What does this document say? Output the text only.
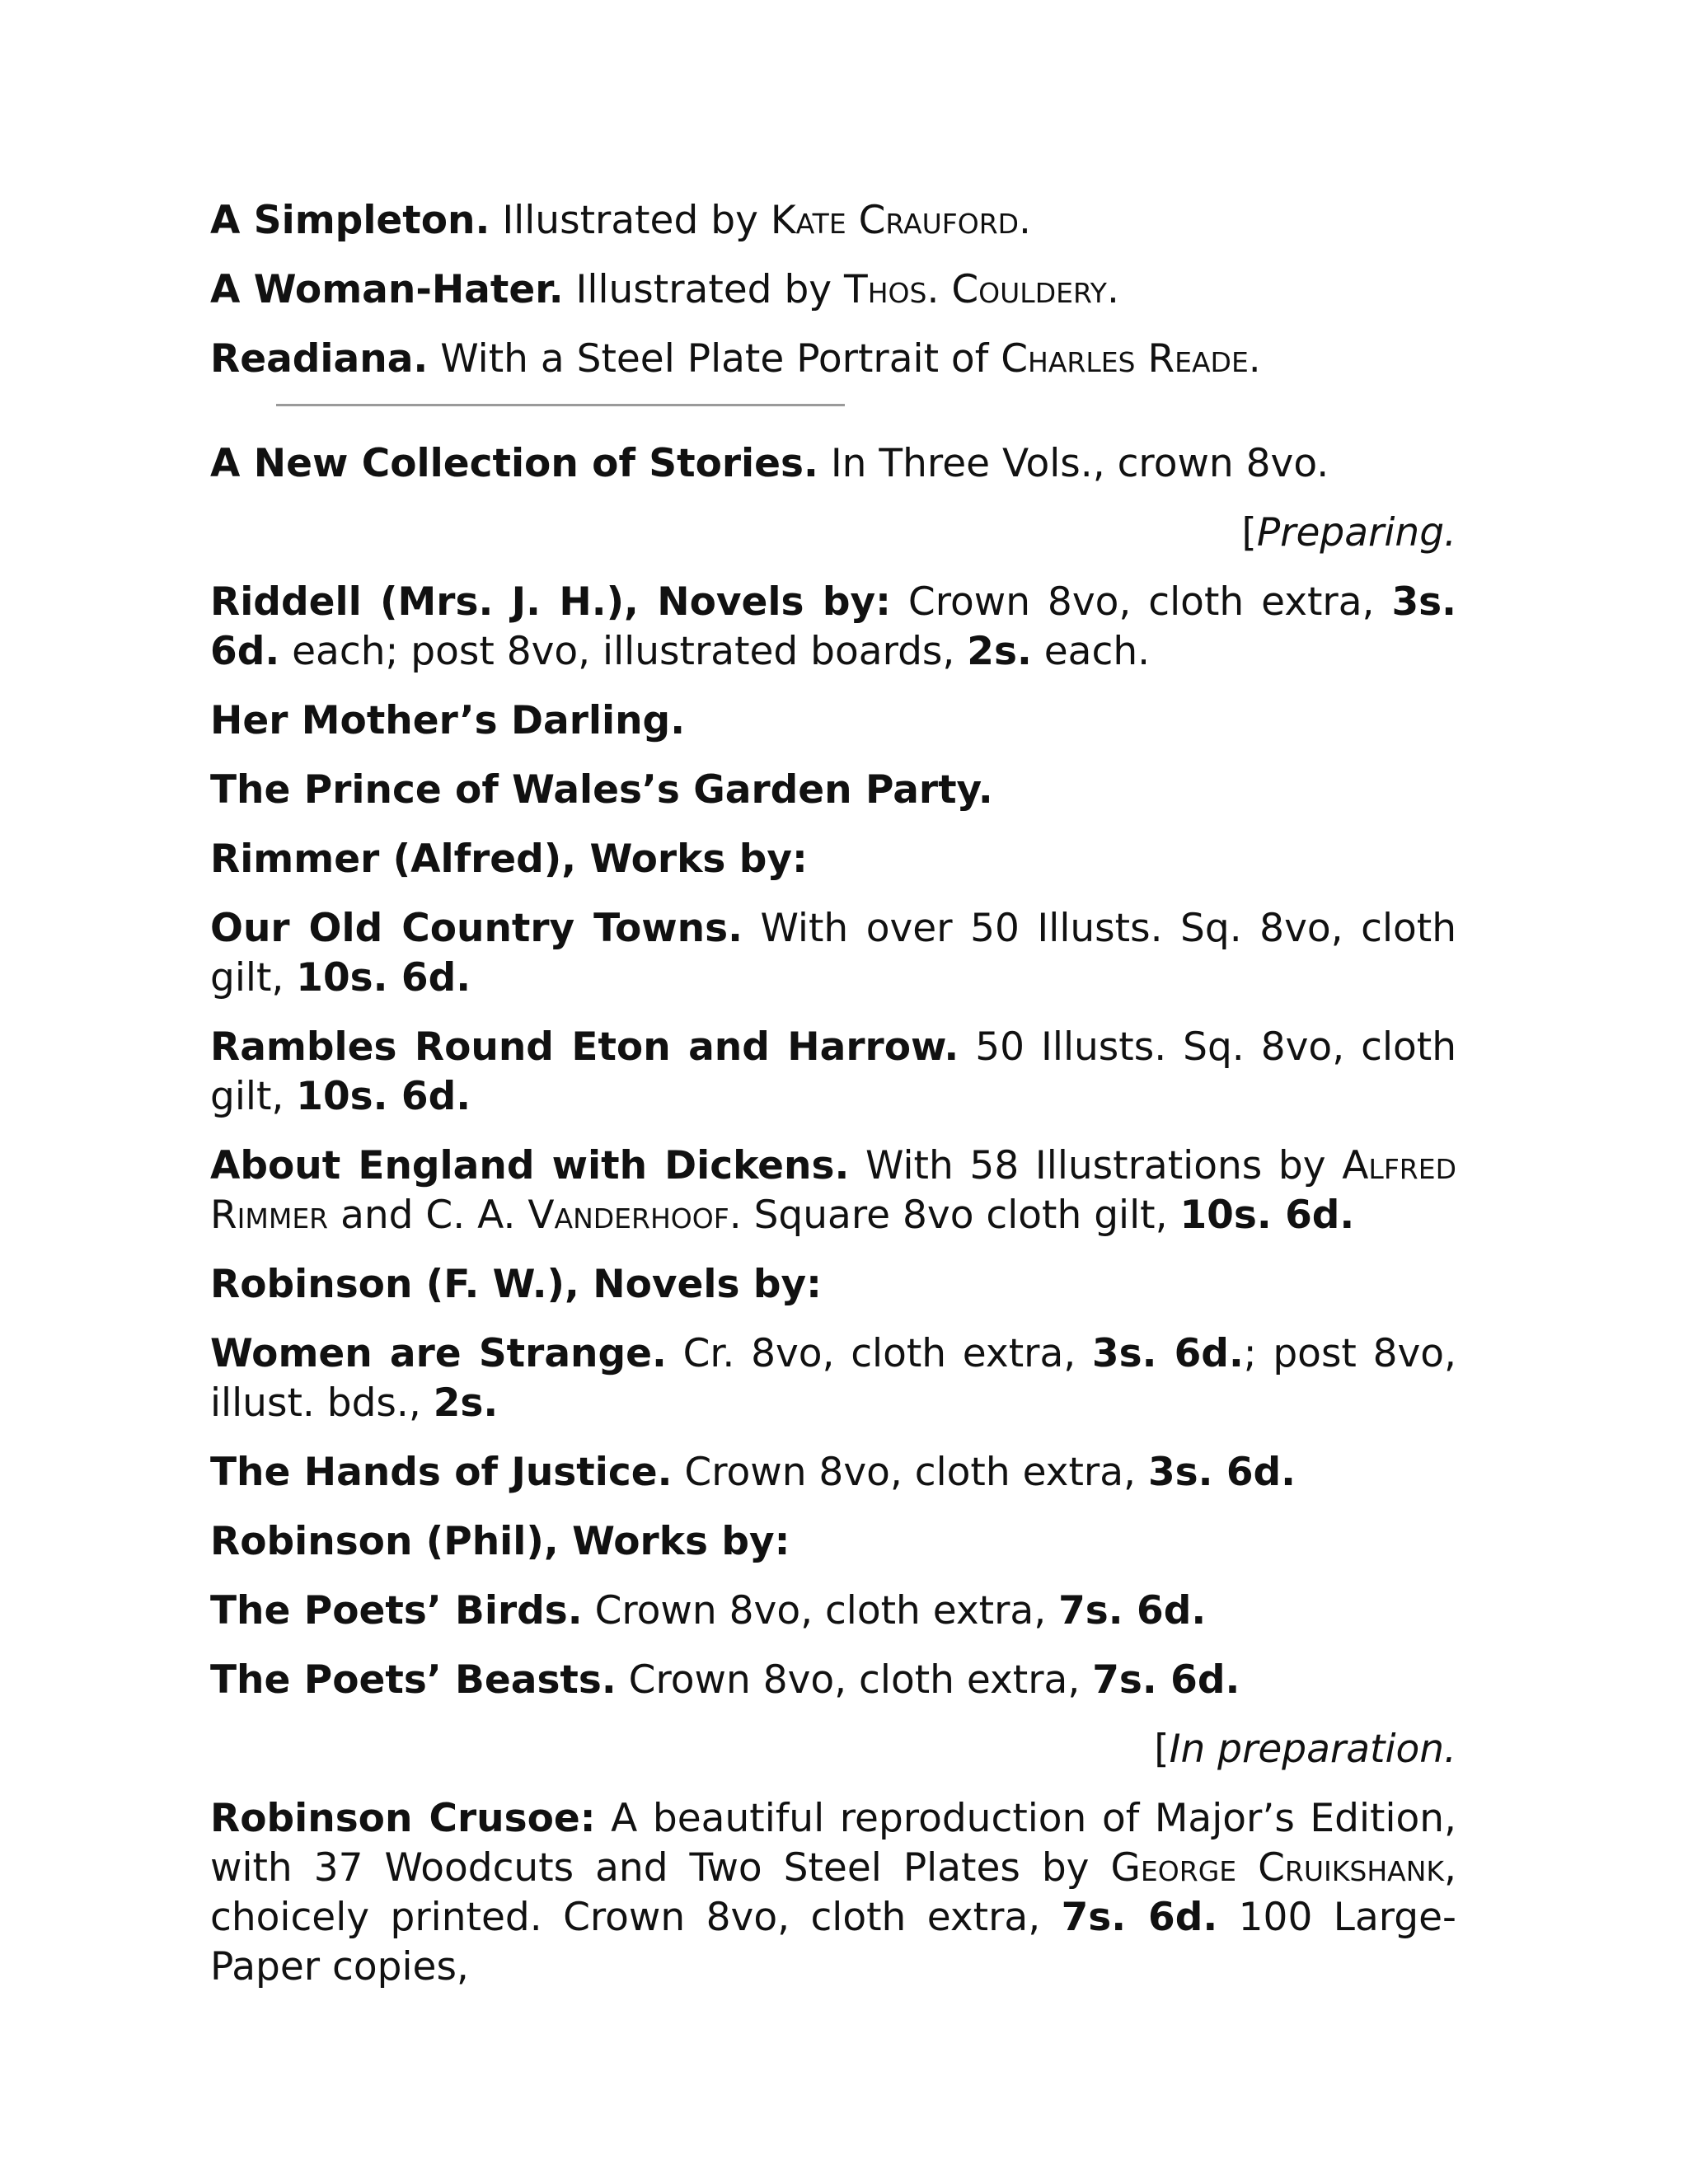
A Simpleton. Illustrated by Kate Crauford.
A Woman-Hater. Illustrated by Thos. Couldery.
Readiana. With a Steel Plate Portrait of Charles Reade.
A New Collection of Stories. In Three Vols., crown 8vo.
[Preparing.
Riddell (Mrs. J. H.), Novels by: Crown 8vo, cloth extra, 3s. 6d. each; post 8vo, illustrated boards, 2s. each.
Her Mother’s Darling.
The Prince of Wales’s Garden Party.
Rimmer (Alfred), Works by:
Our Old Country Towns. With over 50 Illusts. Sq. 8vo, cloth gilt, 10s. 6d.
Rambles Round Eton and Harrow. 50 Illusts. Sq. 8vo, cloth gilt, 10s. 6d.
About England with Dickens. With 58 Illustrations by Alfred Rimmer and C. A. Vanderhoof. Square 8vo cloth gilt, 10s. 6d.
Robinson (F. W.), Novels by:
Women are Strange. Cr. 8vo, cloth extra, 3s. 6d.; post 8vo, illust. bds., 2s.
The Hands of Justice. Crown 8vo, cloth extra, 3s. 6d.
Robinson (Phil), Works by:
The Poets’ Birds. Crown 8vo, cloth extra, 7s. 6d.
The Poets’ Beasts. Crown 8vo, cloth extra, 7s. 6d.
[In preparation.
Robinson Crusoe: A beautiful reproduction of Major’s Edition, with 37 Woodcuts and Two Steel Plates by George Cruikshank, choicely printed. Crown 8vo, cloth extra, 7s. 6d. 100 Large-Paper copies,
